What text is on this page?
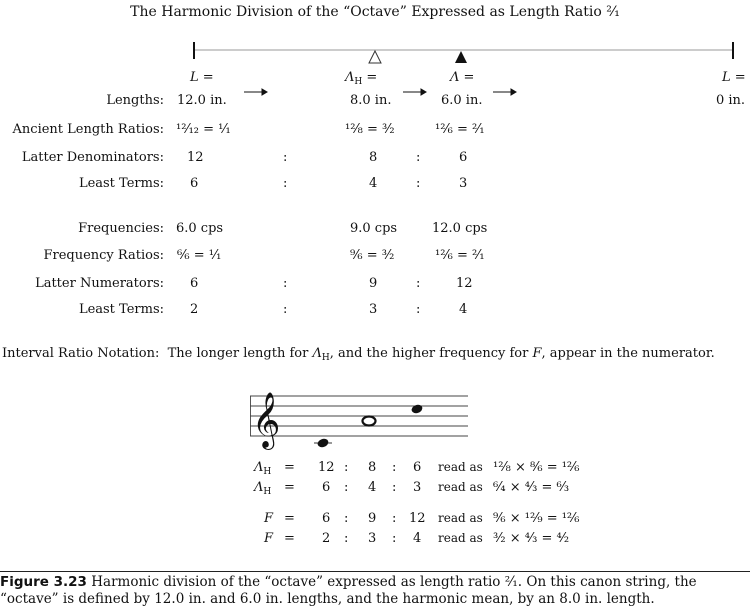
The Harmonic Division of the “Octave” Expressed as Length Ratio ²⁄₁
L =	$\Lambda_H$ =	Λ =	L =
Lengths: 12.0 in.	8.0 in.	6.0 in.	0 in.
Ancient Length Ratios: ¹²⁄₁₂ = ¹⁄₁	¹²⁄₈ = ³⁄₂	¹²⁄₆ = ²⁄₁
Latter Denominators: 12	:	8	:	6
Least Terms: 6	:	4	:	3
Frequencies: 6.0 cps	9.0 cps	12.0 cps
Frequency Ratios: ⁶⁄₆ = ¹⁄₁	⁹⁄₆ = ³⁄₂	¹²⁄₆ = ²⁄₁
Latter Numerators: 6	:	9	:	12
Least Terms: 2	:	3	:	4
Interval Ratio Notation: The longer length for $\Lambda_H$, and the higher frequency for F, appear in the numerator.
𝄞
$\Lambda_H = 12$ : 8 : 6 read as ¹²⁄₈ × ⁸⁄₆ = ¹²⁄₆
$\Lambda_H = 6$ : 4 : 3 read as ⁶⁄₄ × ⁴⁄₃ = ⁶⁄₃
F = 6 : 9 : 12 read as ⁹⁄₆ × ¹²⁄₉ = ¹²⁄₆
F = 2 : 3 : 4 read as ³⁄₂ × ⁴⁄₃ = ⁴⁄₂
Figure 3.23 Harmonic division of the “octave” expressed as length ratio ²⁄₁. On this canon string, the “octave” is defined by 12.0 in. and 6.0 in. lengths, and the harmonic mean, by an 8.0 in. length.
